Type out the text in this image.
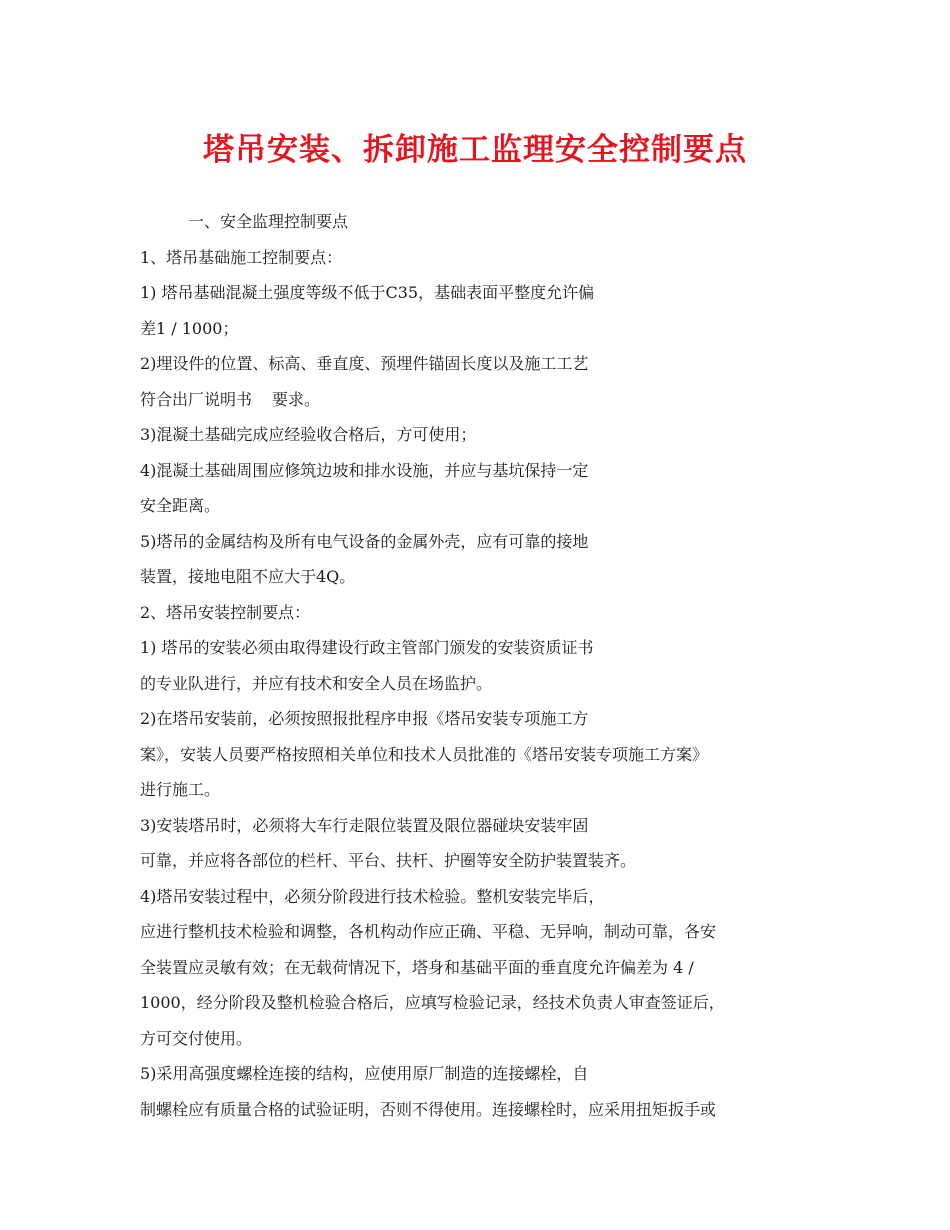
塔吊安装、拆卸施工监理安全控制要点

一、安全监理控制要点

1、塔吊基础施工控制要点：

1) 塔吊基础混凝土强度等级不低于C35，基础表面平整度允许偏

差1 / 1000；

2)埋设件的位置、标高、垂直度、预埋件锚固长度以及施工工艺

符合出厂说明书 要求。

3)混凝土基础完成应经验收合格后，方可使用；

4)混凝土基础周围应修筑边坡和排水设施，并应与基坑保持一定

安全距离。

5)塔吊的金属结构及所有电气设备的金属外壳，应有可靠的接地

装置，接地电阻不应大于4Q。

2、塔吊安装控制要点：

1) 塔吊的安装必须由取得建设行政主管部门颁发的安装资质证书

的专业队进行，并应有技术和安全人员在场监护。

2)在塔吊安装前，必须按照报批程序申报《塔吊安装专项施工方

案》，安装人员要严格按照相关单位和技术人员批准的《塔吊安装专项施工方案》

进行施工。

3)安装塔吊时，必须将大车行走限位装置及限位器碰块安装牢固

可靠，并应将各部位的栏杆、平台、扶杆、护圈等安全防护装置装齐。

4)塔吊安装过程中，必须分阶段进行技术检验。整机安装完毕后，

应进行整机技术检验和调整，各机构动作应正确、平稳、无异响，制动可靠，各安

全装置应灵敏有效；在无载荷情况下，塔身和基础平面的垂直度允许偏差为 4 /

1000，经分阶段及整机检验合格后，应填写检验记录，经技术负责人审查签证后，

方可交付使用。

5)采用高强度螺栓连接的结构，应使用原厂制造的连接螺栓，自

制螺栓应有质量合格的试验证明，否则不得使用。连接螺栓时，应采用扭矩扳手或
